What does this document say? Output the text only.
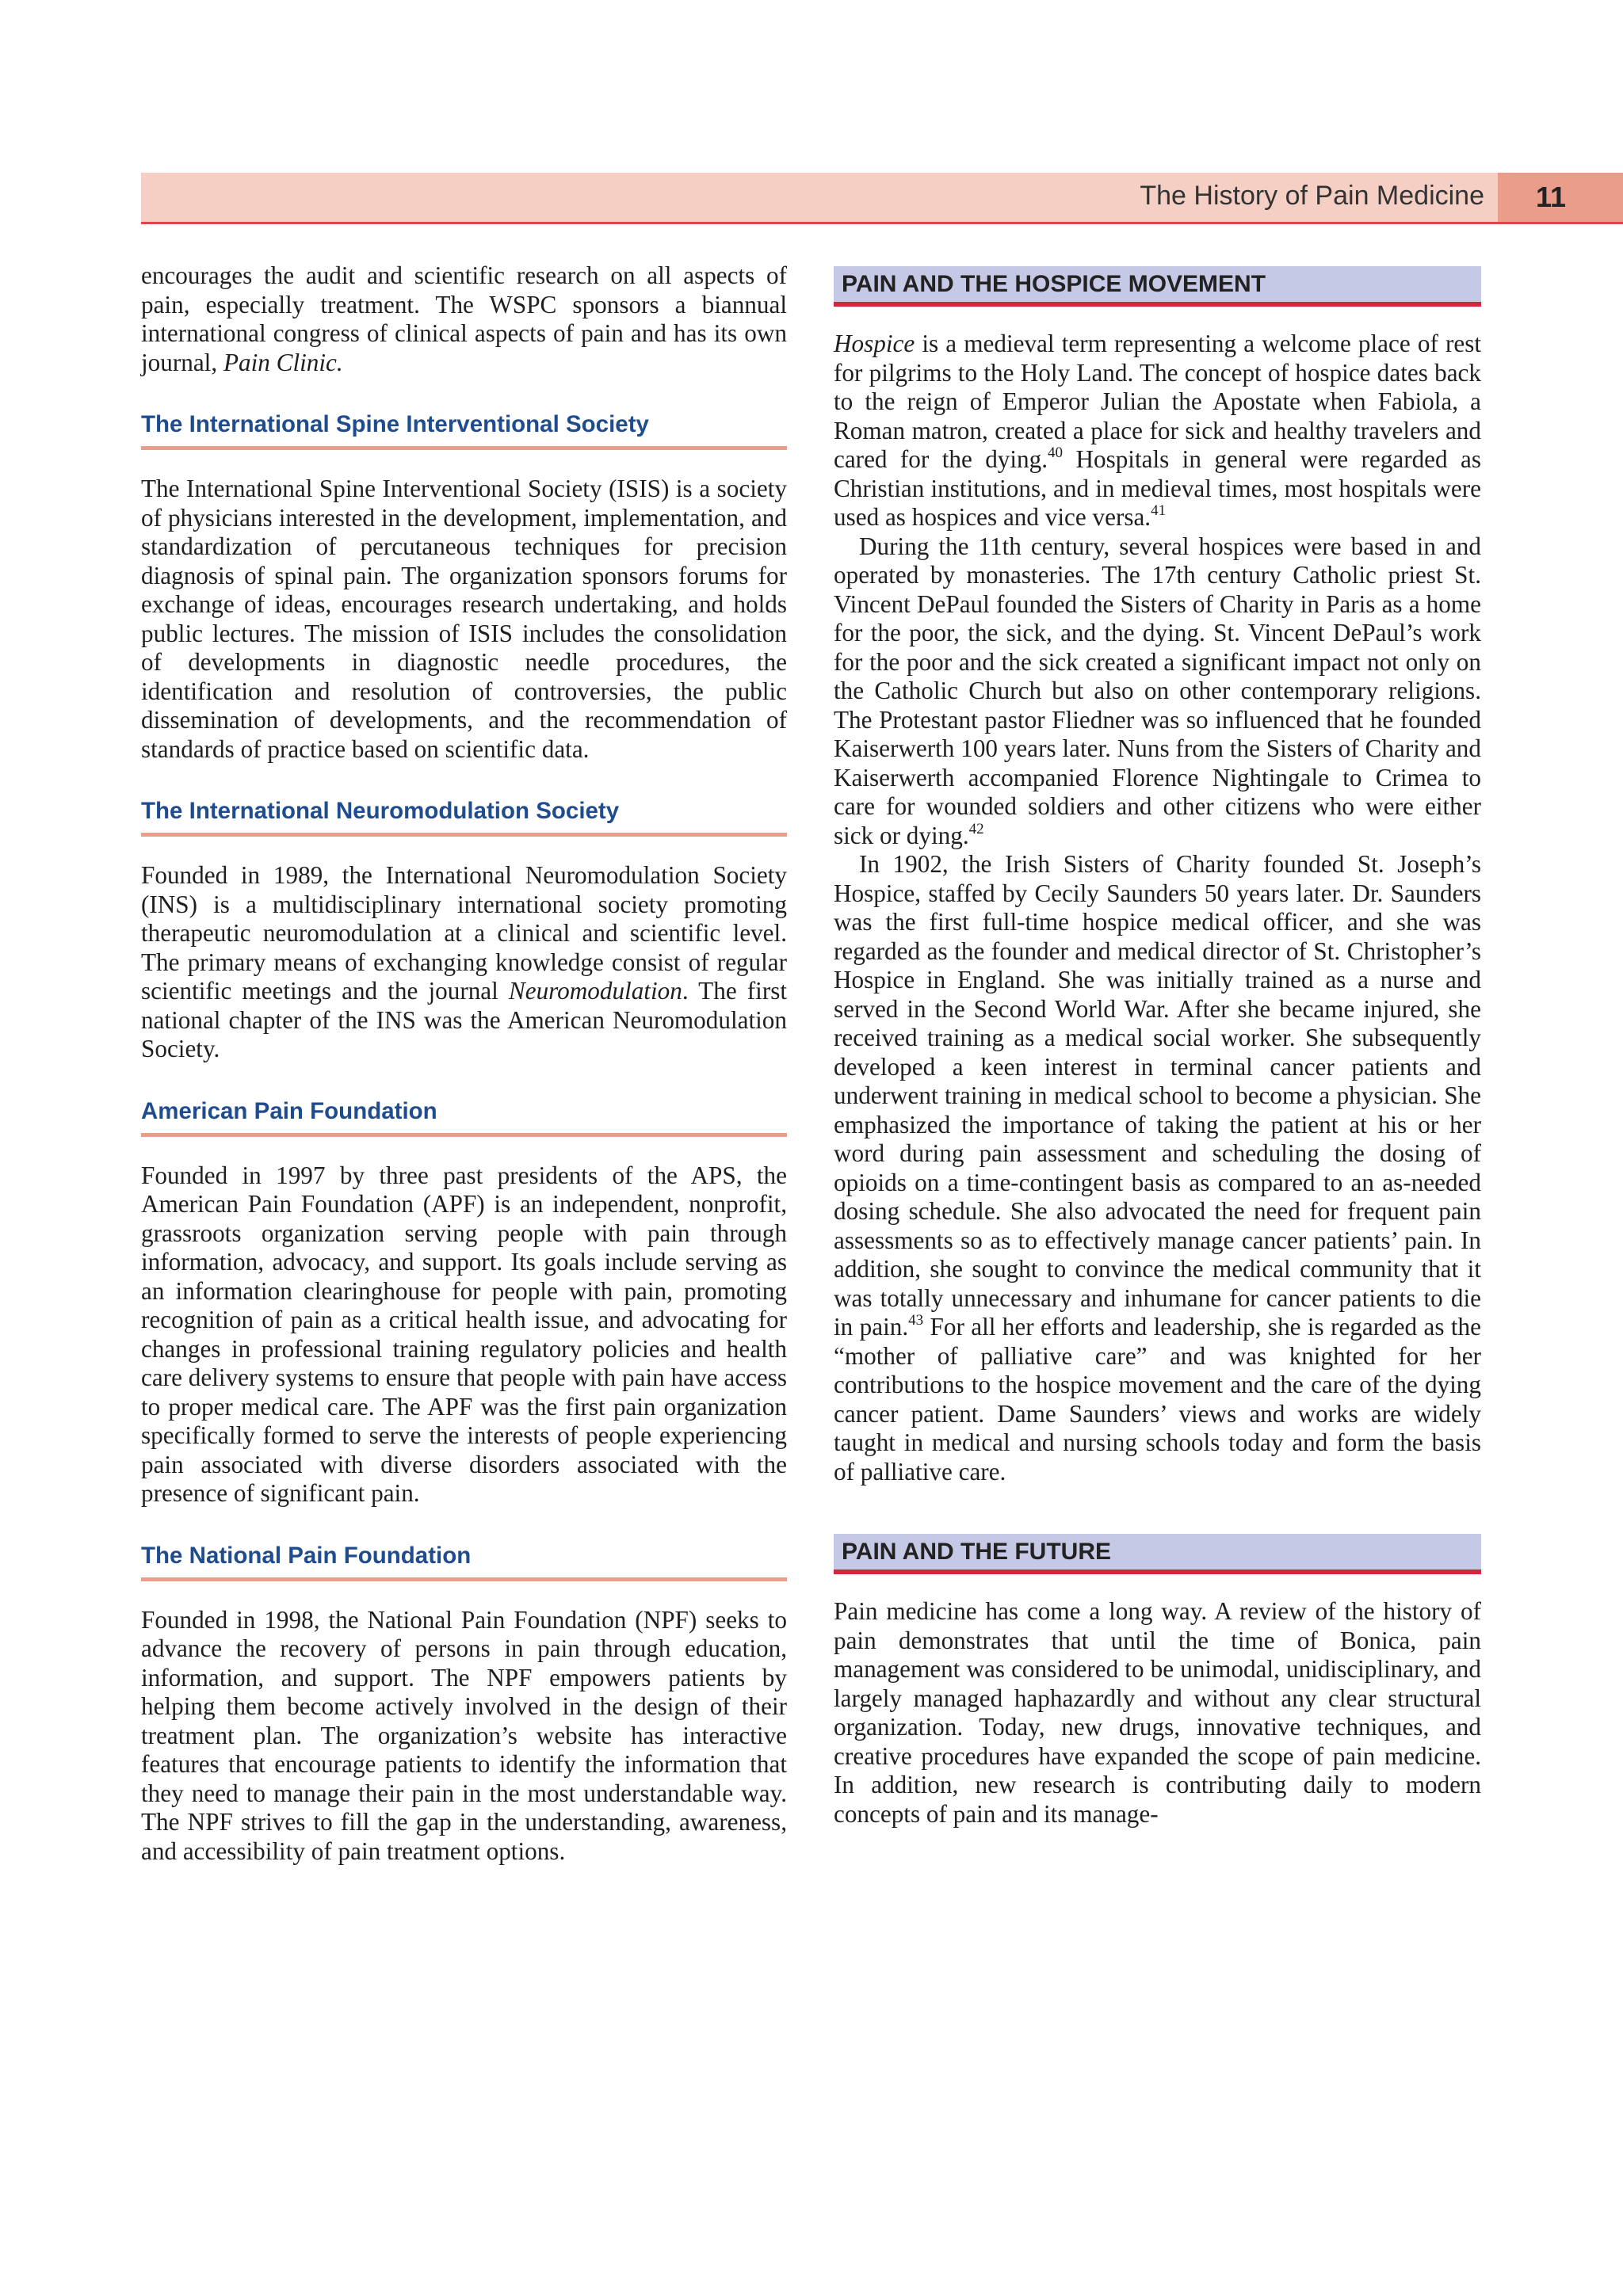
The History of Pain Medicine	11

encourages the audit and scientific research on all aspects of pain, especially treatment. The WSPC sponsors a biannual international congress of clinical aspects of pain and has its own journal, Pain Clinic.

The International Spine Interventional Society

The International Spine Interventional Society (ISIS) is a society of physicians interested in the development, implementation, and standardization of percutaneous techniques for precision diagnosis of spinal pain. The organization sponsors forums for exchange of ideas, encourages research undertaking, and holds public lectures. The mission of ISIS includes the consolidation of developments in diagnostic needle procedures, the identification and resolution of controversies, the public dissemination of developments, and the recommendation of standards of practice based on scientific data.

The International Neuromodulation Society

Founded in 1989, the International Neuromodulation Society (INS) is a multidisciplinary international society promoting therapeutic neuromodulation at a clinical and scientific level. The primary means of exchanging knowledge consist of regular scientific meetings and the journal Neuromodulation. The first national chapter of the INS was the American Neuromodulation Society.

American Pain Foundation

Founded in 1997 by three past presidents of the APS, the American Pain Foundation (APF) is an independent, nonprofit, grassroots organization serving people with pain through information, advocacy, and support. Its goals include serving as an information clearinghouse for people with pain, promoting recognition of pain as a critical health issue, and advocating for changes in professional training regulatory policies and health care delivery systems to ensure that people with pain have access to proper medical care. The APF was the first pain organization specifically formed to serve the interests of people experiencing pain associated with diverse disorders associated with the presence of significant pain.

The National Pain Foundation

Founded in 1998, the National Pain Foundation (NPF) seeks to advance the recovery of persons in pain through education, information, and support. The NPF empowers patients by helping them become actively involved in the design of their treatment plan. The organization’s website has interactive features that encourage patients to identify the information that they need to manage their pain in the most understandable way. The NPF strives to fill the gap in the understanding, awareness, and accessibility of pain treatment options.

PAIN AND THE HOSPICE MOVEMENT

Hospice is a medieval term representing a welcome place of rest for pilgrims to the Holy Land. The concept of hospice dates back to the reign of Emperor Julian the Apostate when Fabiola, a Roman matron, created a place for sick and healthy travelers and cared for the dying.$^{40}$ Hospitals in general were regarded as Christian institutions, and in medieval times, most hospitals were used as hospices and vice versa.$^{41}$

During the 11th century, several hospices were based in and operated by monasteries. The 17th century Catholic priest St. Vincent DePaul founded the Sisters of Charity in Paris as a home for the poor, the sick, and the dying. St. Vincent DePaul’s work for the poor and the sick created a significant impact not only on the Catholic Church but also on other contemporary religions. The Protestant pastor Fliedner was so influenced that he founded Kaiserwerth 100 years later. Nuns from the Sisters of Charity and Kaiserwerth accompanied Florence Nightingale to Crimea to care for wounded soldiers and other citizens who were either sick or dying.$^{42}$

In 1902, the Irish Sisters of Charity founded St. Joseph’s Hospice, staffed by Cecily Saunders 50 years later. Dr. Saunders was the first full-time hospice medical officer, and she was regarded as the founder and medical director of St. Christopher’s Hospice in England. She was initially trained as a nurse and served in the Second World War. After she became injured, she received training as a medical social worker. She subsequently developed a keen interest in terminal cancer patients and underwent training in medical school to become a physician. She emphasized the importance of taking the patient at his or her word during pain assessment and scheduling the dosing of opioids on a time-contingent basis as compared to an as-needed dosing schedule. She also advocated the need for frequent pain assessments so as to effectively manage cancer patients’ pain. In addition, she sought to convince the medical community that it was totally unnecessary and inhumane for cancer patients to die in pain.$^{43}$ For all her efforts and leadership, she is regarded as the “mother of palliative care” and was knighted for her contributions to the hospice movement and the care of the dying cancer patient. Dame Saunders’ views and works are widely taught in medical and nursing schools today and form the basis of palliative care.

PAIN AND THE FUTURE

Pain medicine has come a long way. A review of the history of pain demonstrates that until the time of Bonica, pain management was considered to be unimodal, unidisciplinary, and largely managed haphazardly and without any clear structural organization. Today, new drugs, innovative techniques, and creative procedures have expanded the scope of pain medicine. In addition, new research is contributing daily to modern concepts of pain and its manage-
